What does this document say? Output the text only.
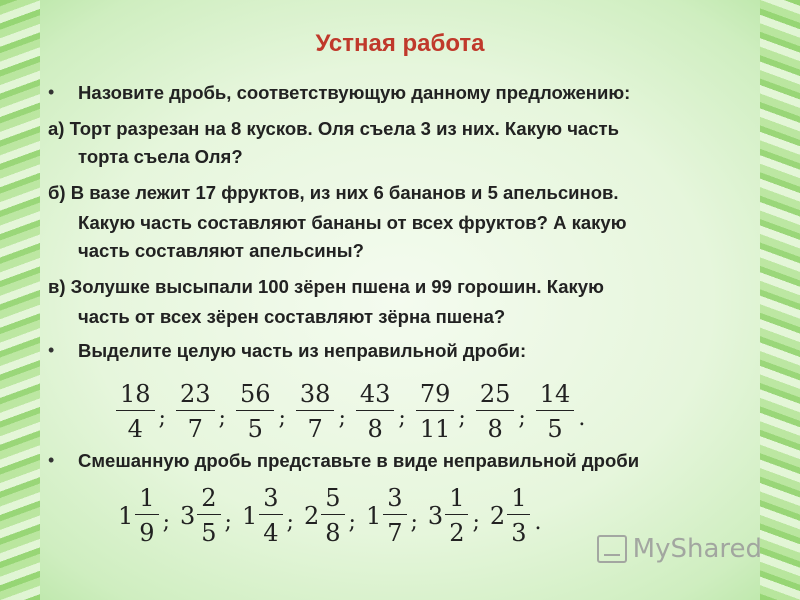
Устная работа
• Назовите дробь, соответствующую данному предложению:
а) Торт разрезан на 8 кусков. Оля съела 3 из них. Какую часть
торта съела Оля?
б) В вазе лежит 17 фруктов, из них 6 бананов и 5 апельсинов.
Какую часть составляют бананы от всех фруктов? А какую
часть составляют апельсины?
в) Золушке высыпали 100 зёрен пшена и 99 горошин. Какую
часть от всех зёрен составляют зёрна пшена?
• Выделите целую часть из неправильной дроби:
$\frac{18}{4}$ ; $\frac{23}{7}$ ; $\frac{56}{5}$ ; $\frac{38}{7}$ ; $\frac{43}{8}$ ; $\frac{79}{11}$ ; $\frac{25}{8}$ ; $\frac{14}{5}$ .
• Смешанную дробь представьте в виде неправильной дроби
$1 \frac{1}{9}$ ; $3 \frac{2}{5}$ ; $1 \frac{3}{4}$ ; $2 \frac{5}{8}$ ; $1 \frac{3}{7}$ ; $3 \frac{1}{2}$ ; $2 \frac{1}{3}$ .
MyShared
